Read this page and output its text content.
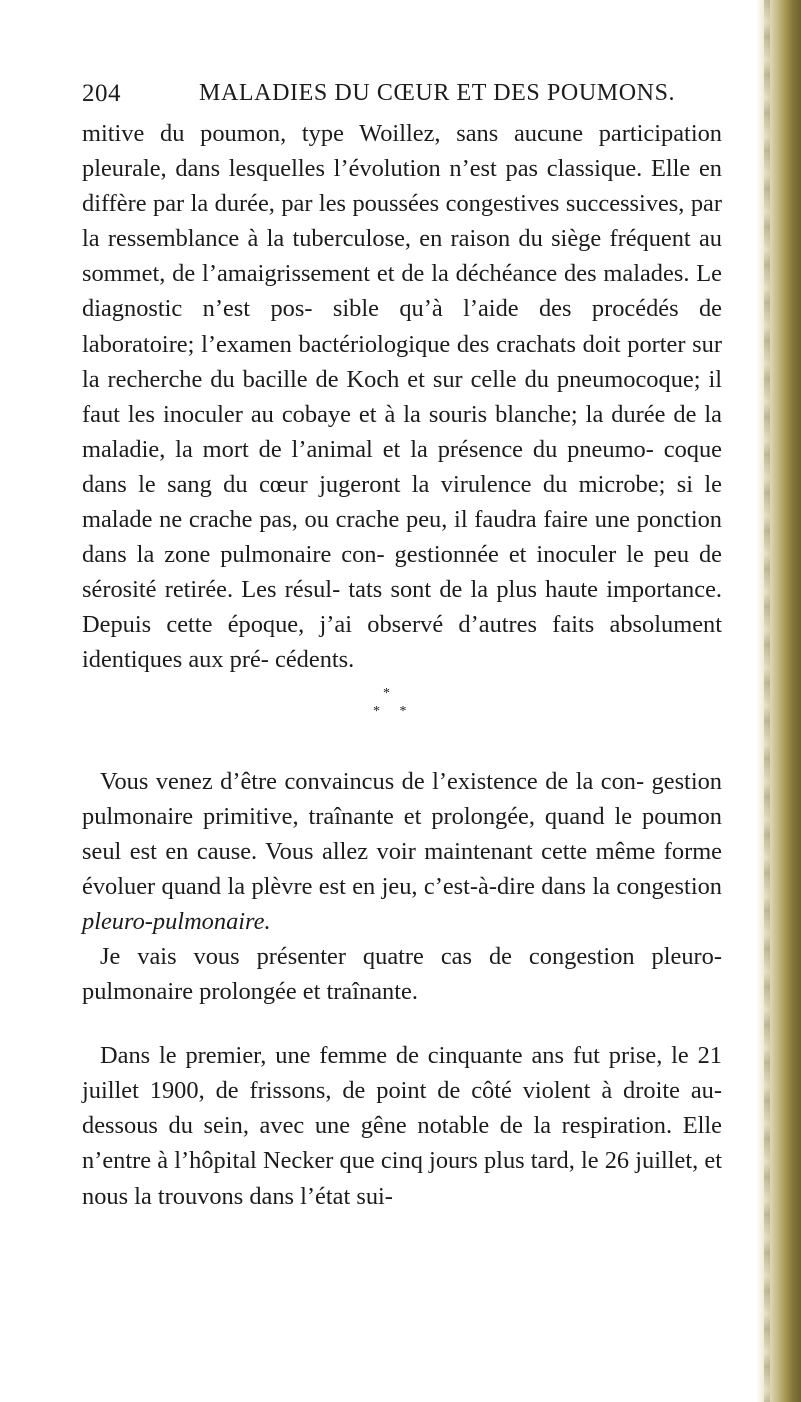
204	MALADIES DU CŒUR ET DES POUMONS.

mitive du poumon, type Woillez, sans aucune participation pleurale, dans lesquelles l’évolution n’est pas classique. Elle en diffère par la durée, par les poussées congestives successives, par la ressemblance à la tuberculose, en raison du siège fréquent au sommet, de l’amaigrissement et de la déchéance des malades. Le diagnostic n’est pos- sible qu’à l’aide des procédés de laboratoire; l’examen bactériologique des crachats doit porter sur la recherche du bacille de Koch et sur celle du pneumocoque; il faut les inoculer au cobaye et à la souris blanche; la durée de la maladie, la mort de l’animal et la présence du pneumo- coque dans le sang du cœur jugeront la virulence du microbe; si le malade ne crache pas, ou crache peu, il faudra faire une ponction dans la zone pulmonaire con- gestionnée et inoculer le peu de sérosité retirée. Les résul- tats sont de la plus haute importance. Depuis cette époque, j’ai observé d’autres faits absolument identiques aux pré- cédents.

*
* *

Vous venez d’être convaincus de l’existence de la con- gestion pulmonaire primitive, traînante et prolongée, quand le poumon seul est en cause. Vous allez voir maintenant cette même forme évoluer quand la plèvre est en jeu, c’est-à-dire dans la congestion pleuro-pulmonaire.

Je vais vous présenter quatre cas de congestion pleuro- pulmonaire prolongée et traînante.

Dans le premier, une femme de cinquante ans fut prise, le 21 juillet 1900, de frissons, de point de côté violent à droite au-dessous du sein, avec une gêne notable de la respiration. Elle n’entre à l’hôpital Necker que cinq jours plus tard, le 26 juillet, et nous la trouvons dans l’état sui-
